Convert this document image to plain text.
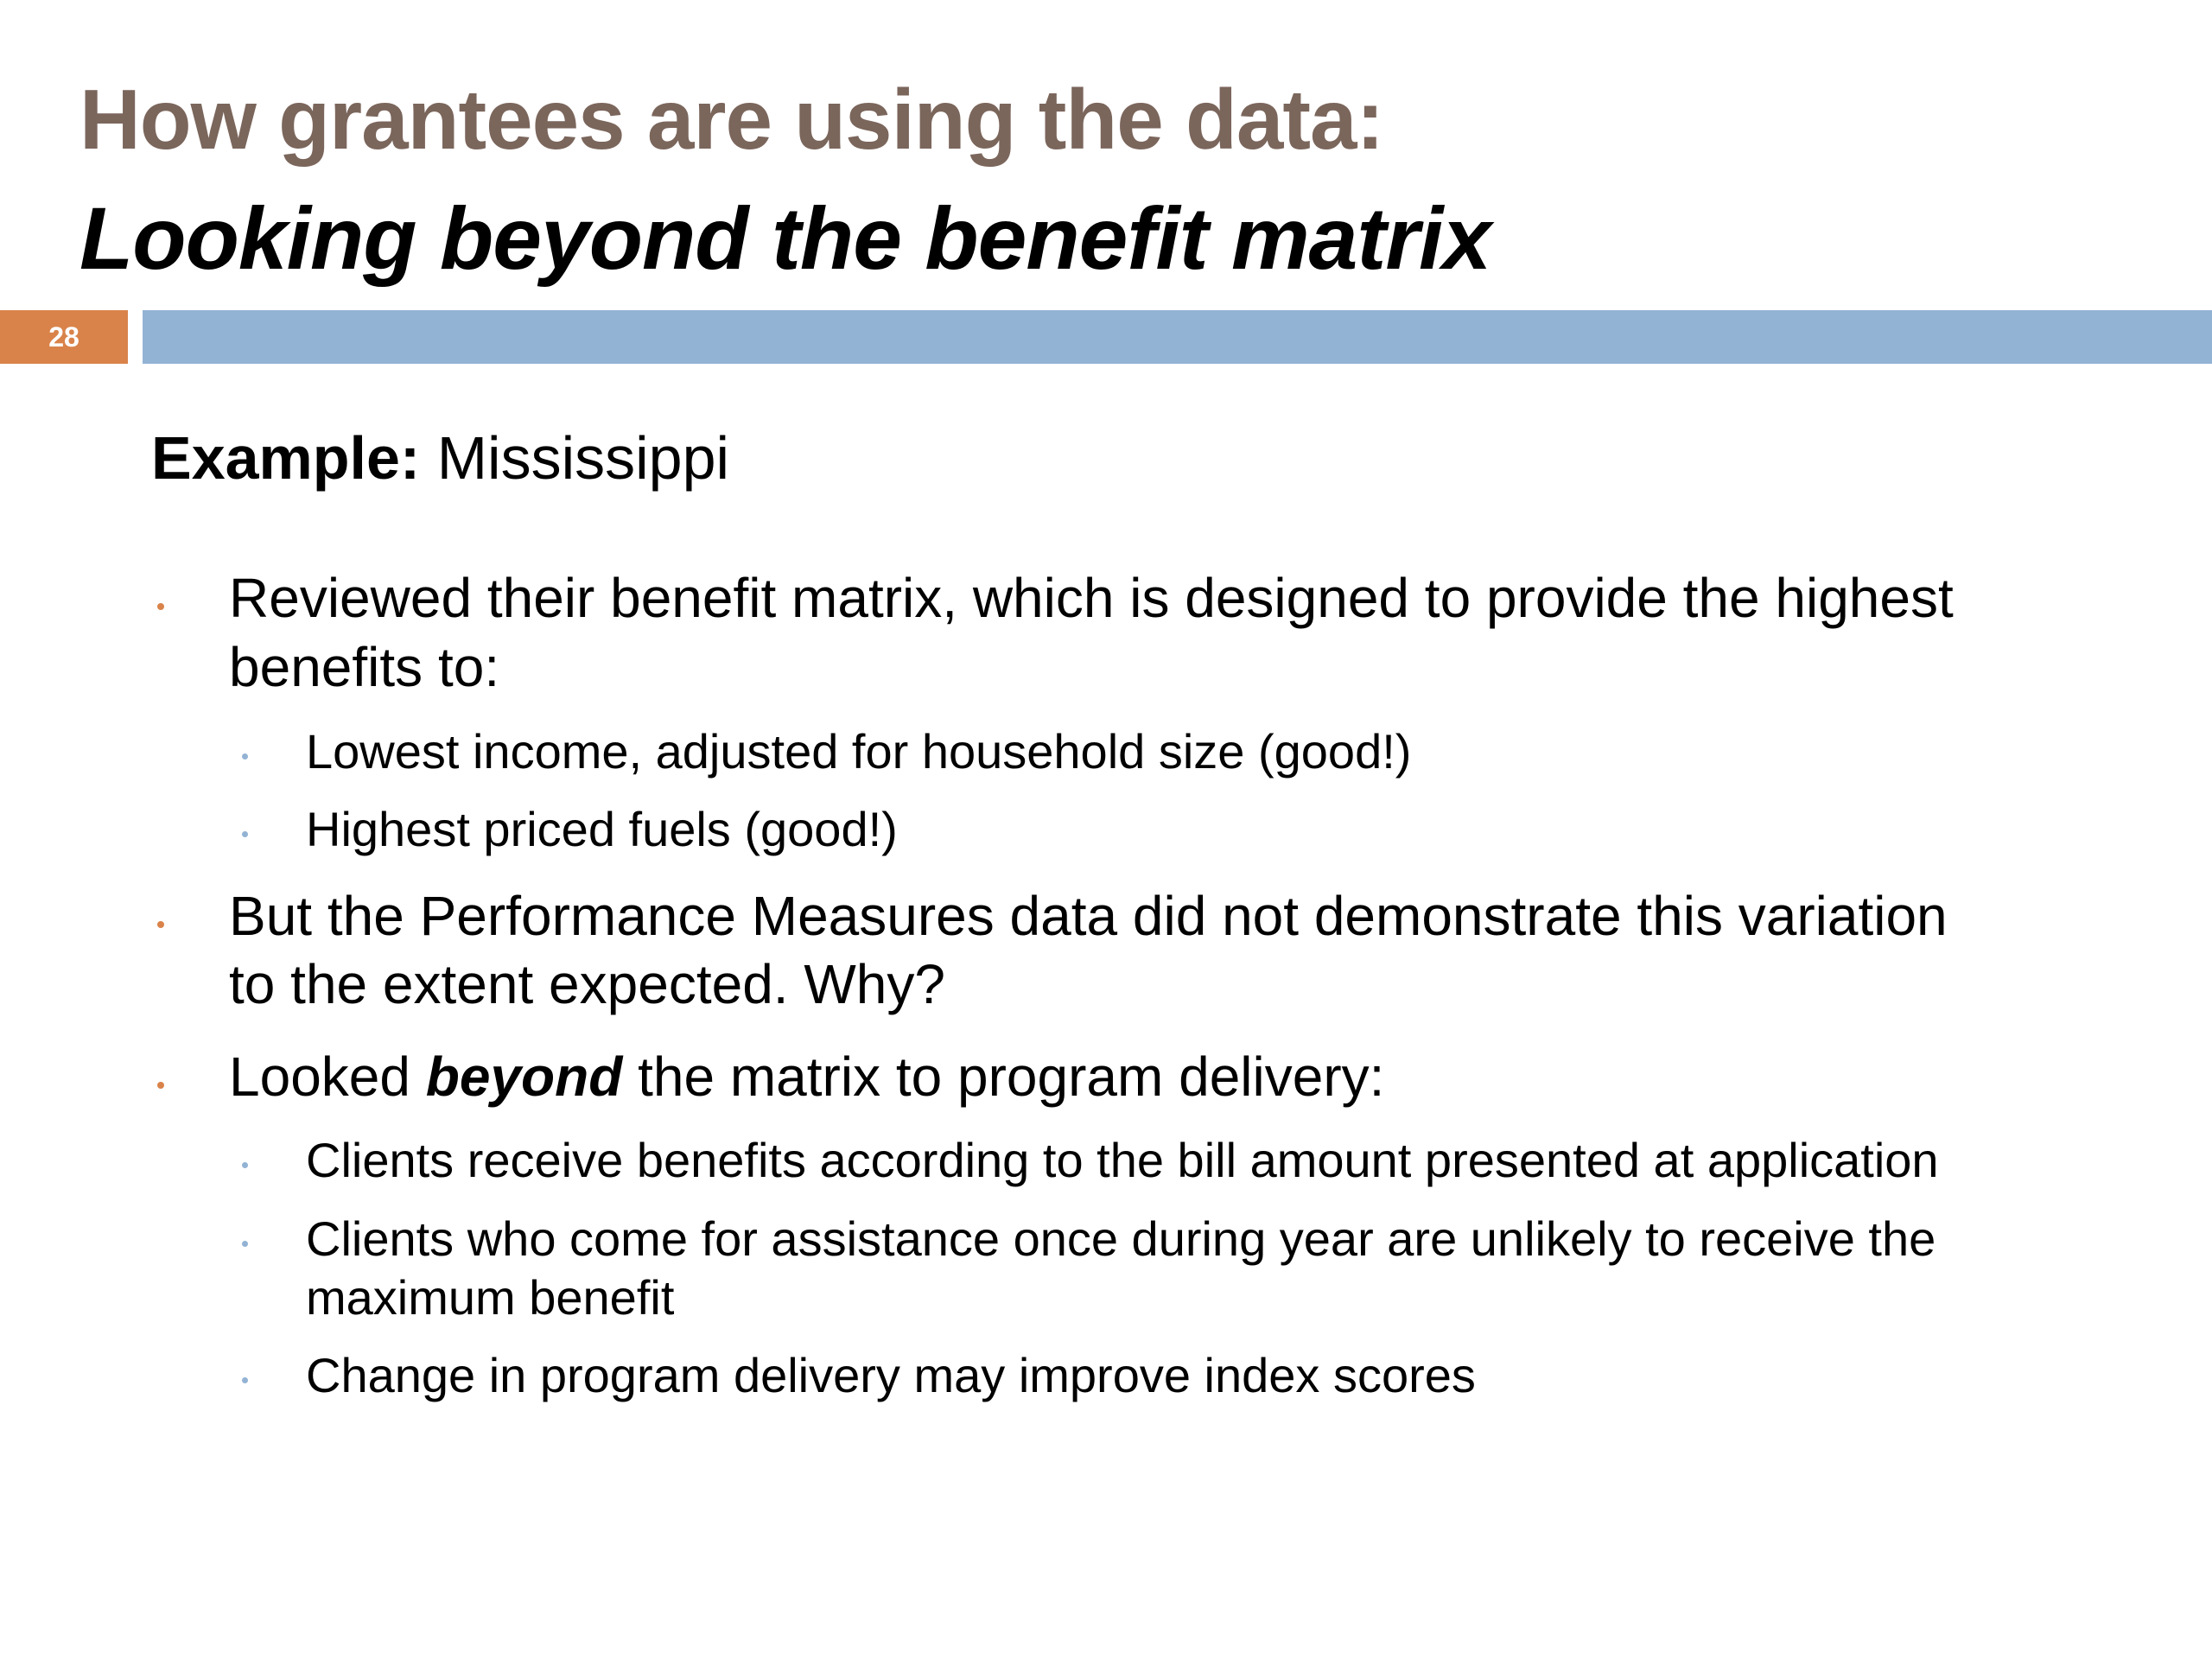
How grantees are using the data:
Looking beyond the benefit matrix
28
Example: Mississippi
Reviewed their benefit matrix, which is designed to provide the highest
benefits to:
Lowest income, adjusted for household size (good!)
Highest priced fuels (good!)
But the Performance Measures data did not demonstrate this variation
to the extent expected. Why?
Looked beyond the matrix to program delivery:
Clients receive benefits according to the bill amount presented at application
Clients who come for assistance once during year are unlikely to receive the
maximum benefit
Change in program delivery may improve index scores
